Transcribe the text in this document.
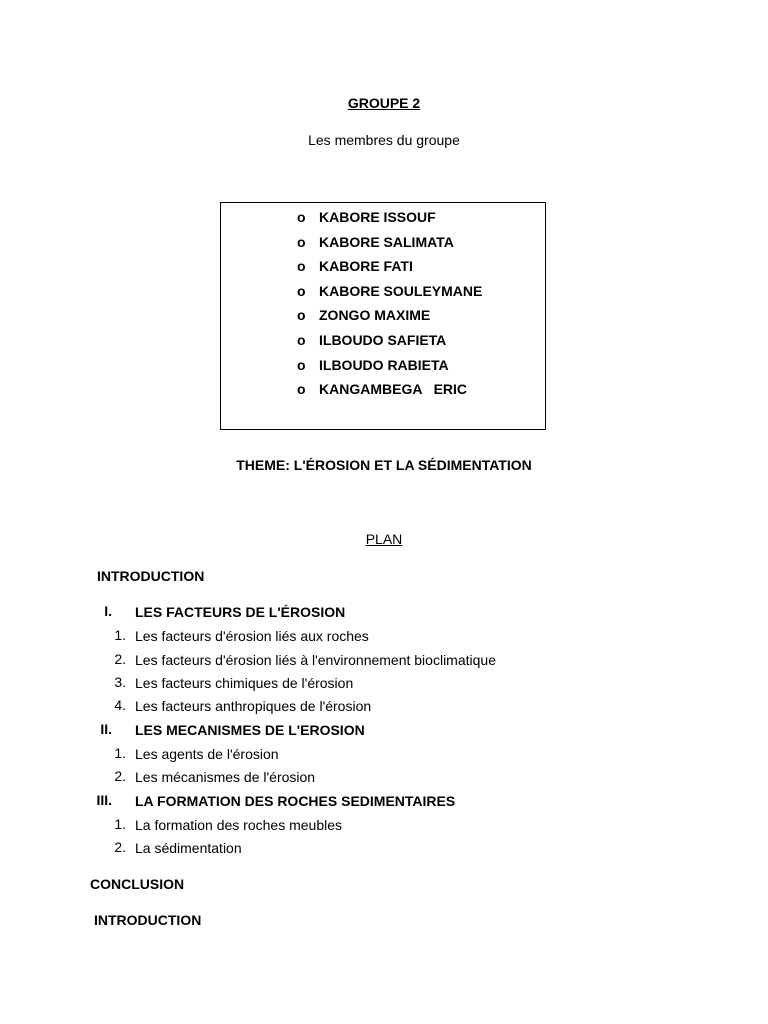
GROUPE 2
Les membres du groupe
o KABORE ISSOUF
o KABORE SALIMATA
o KABORE FATI
o KABORE SOULEYMANE
o ZONGO MAXIME
o ILBOUDO SAFIETA
o ILBOUDO RABIETA
o KANGAMBEGA   ERIC
THEME: L'ÉROSION ET LA SÉDIMENTATION
PLAN
INTRODUCTION
I. LES FACTEURS DE L'ÉROSION
1. Les facteurs d'érosion liés aux roches
2. Les facteurs d'érosion liés à l'environnement bioclimatique
3. Les facteurs chimiques de l'érosion
4. Les facteurs anthropiques de l'érosion
II. LES MECANISMES DE L'EROSION
1. Les agents de l'érosion
2. Les mécanismes de l'érosion
III. LA FORMATION DES ROCHES SEDIMENTAIRES
1. La formation des roches meubles
2. La sédimentation
CONCLUSION
INTRODUCTION
